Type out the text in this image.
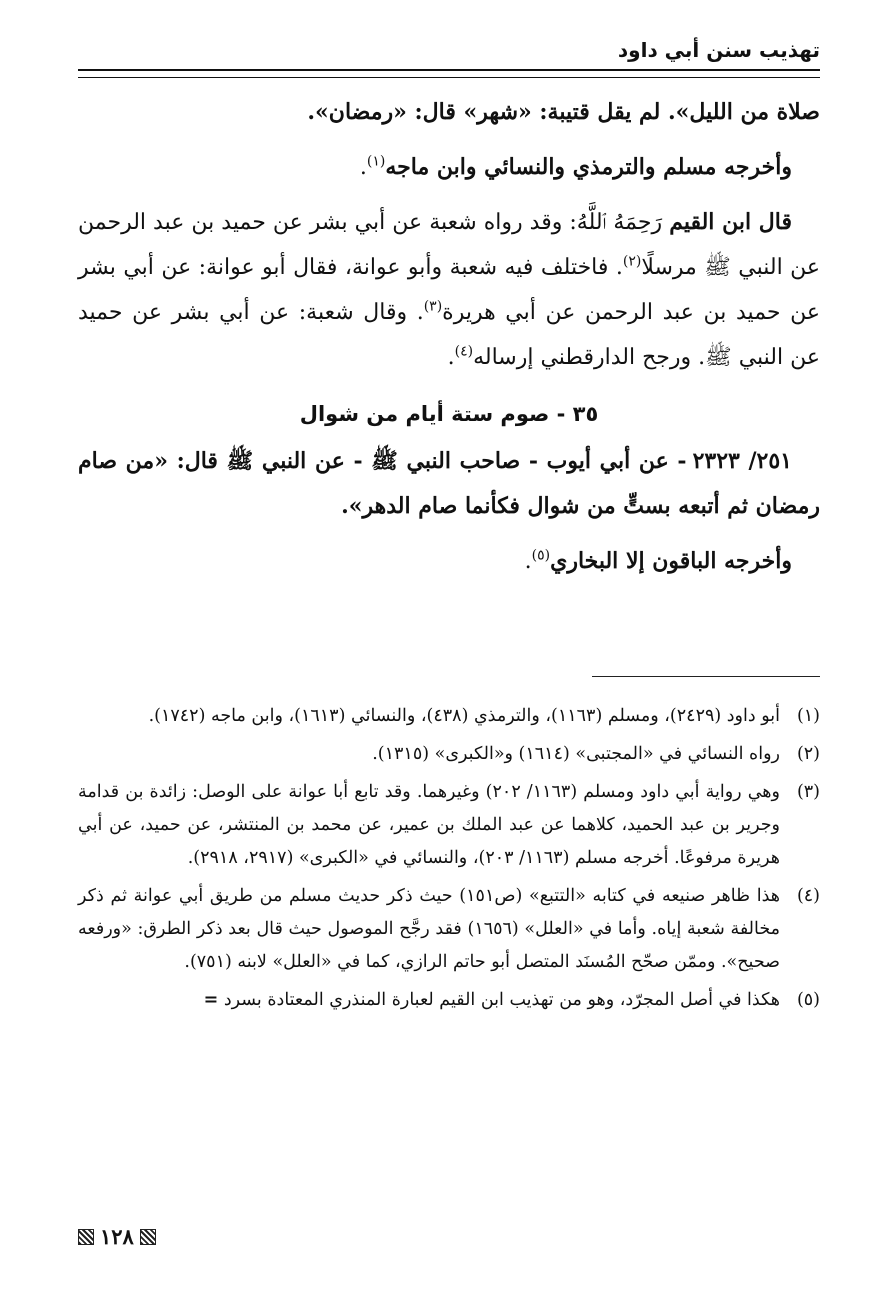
تهذيب سنن أبي داود

صلاة من الليل». لم يقل قتيبة: «شهر» قال: «رمضان».

وأخرجه مسلم والترمذي والنسائي وابن ماجه$^{(١)}$.

قال ابن القيم رَحِمَهُ ٱللَّهُ: وقد رواه شعبة عن أبي بشر عن حميد بن عبد الرحمن عن النبي ﷺ مرسلًا$^{(٢)}$. فاختلف فيه شعبة وأبو عوانة، فقال أبو عوانة: عن أبي بشر عن حميد بن عبد الرحمن عن أبي هريرة$^{(٣)}$. وقال شعبة: عن أبي بشر عن حميد عن النبي ﷺ. ورجح الدارقطني إرساله$^{(٤)}$.

٣٥ - صوم ستة أيام من شوال

٢٥١/ ٢٣٢٣- عن أبي أيوب - صاحب النبي ﷺ - عن النبي ﷺ قال: «من صام رمضان ثم أتبعه بستٍّ من شوال فكأنما صام الدهر».

وأخرجه الباقون إلا البخاري$^{(٥)}$.

(١)
أبو داود (٢٤٢٩)، ومسلم (١١٦٣)، والترمذي (٤٣٨)، والنسائي (١٦١٣)، وابن ماجه (١٧٤٢).
(٢)
رواه النسائي في «المجتبى» (١٦١٤) و«الكبرى» (١٣١٥).
(٣)
وهي رواية أبي داود ومسلم (١١٦٣/ ٢٠٢) وغيرهما. وقد تابع أبا عوانة على الوصل: زائدة بن قدامة وجرير بن عبد الحميد، كلاهما عن عبد الملك بن عمير، عن محمد بن المنتشر، عن حميد، عن أبي هريرة مرفوعًا. أخرجه مسلم (١١٦٣/ ٢٠٣)، والنسائي في «الكبرى» (٢٩١٧، ٢٩١٨).
(٤)
هذا ظاهر صنيعه في كتابه «التتبع» (ص١٥١) حيث ذكر حديث مسلم من طريق أبي عوانة ثم ذكر مخالفة شعبة إياه. وأما في «العلل» (١٦٥٦) فقد رجَّح الموصول حيث قال بعد ذكر الطرق: «ورفعه صحيح». وممّن صحّح المُسنَد المتصل أبو حاتم الرازي، كما في «العلل» لابنه (٧٥١).
(٥)
هكذا في أصل المجرّد، وهو من تهذيب ابن القيم لعبارة المنذري المعتادة بسرد =
١٢٨
